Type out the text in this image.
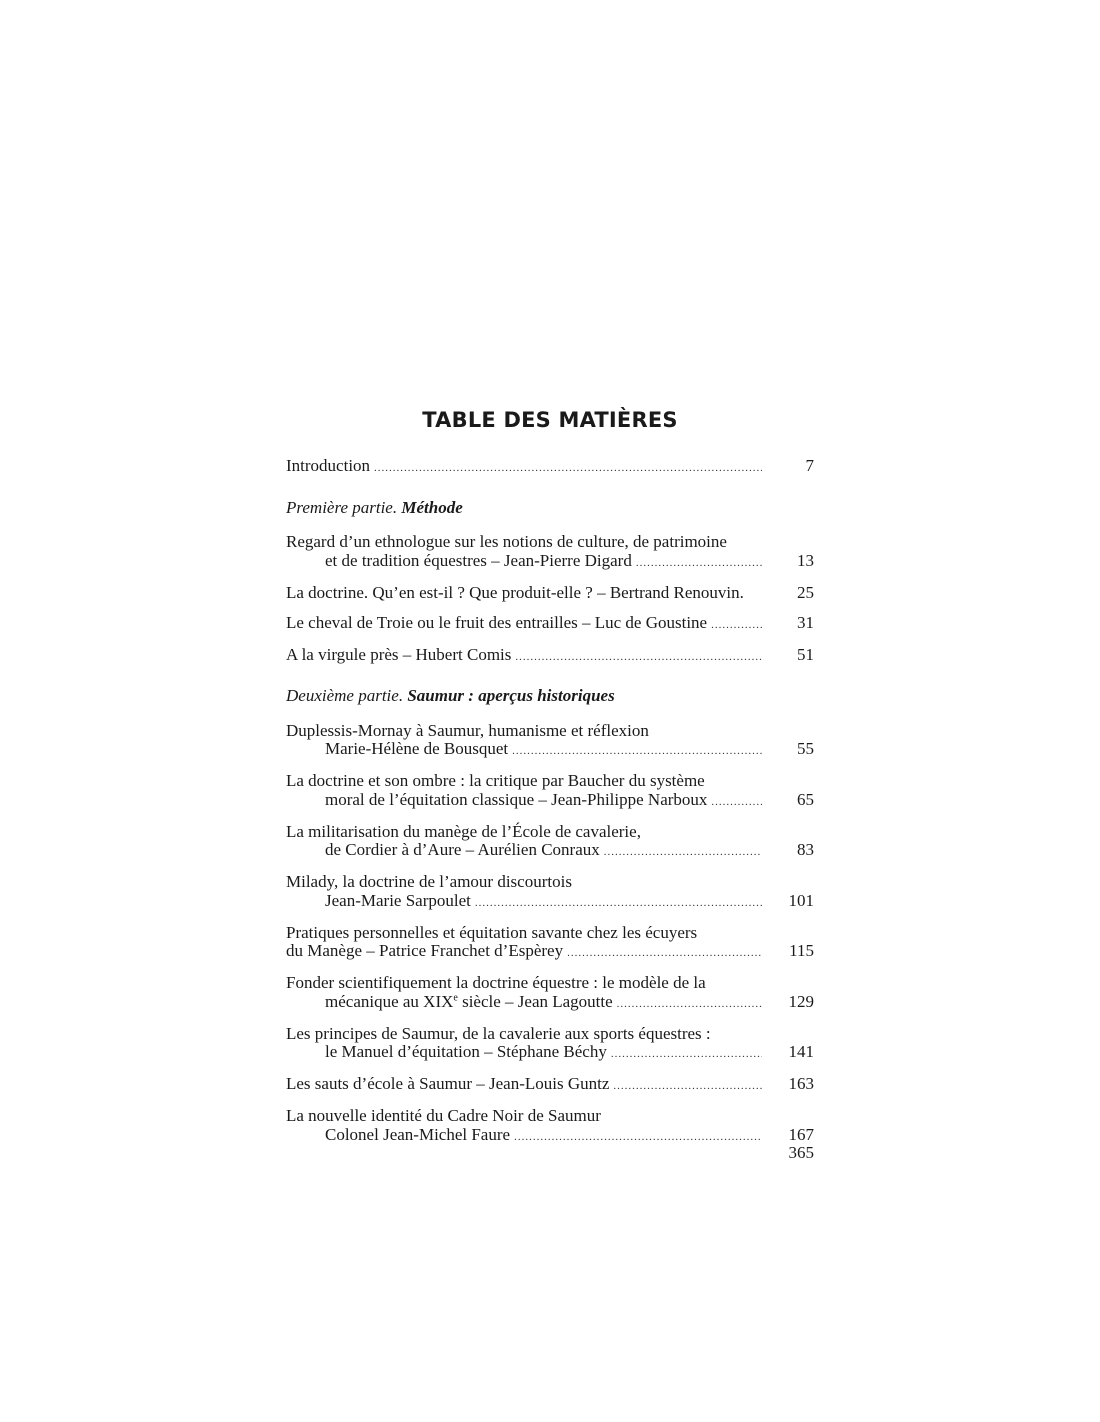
TABLE DES MATIÈRES
Introduction .....	7
Première partie. Méthode
Regard d’un ethnologue sur les notions de culture, de patrimoine
et de tradition équestres – Jean-Pierre Digard .....	13
La doctrine. Qu’en est-il ? Que produit-elle ? – Bertrand Renouvin.	25
Le cheval de Troie ou le fruit des entrailles – Luc de Goustine .....	31
A la virgule près – Hubert Comis .....	51
Deuxième partie. Saumur : aperçus historiques
Duplessis-Mornay à Saumur, humanisme et réflexion
Marie-Hélène de Bousquet .....	55
La doctrine et son ombre : la critique par Baucher du système
moral de l’équitation classique – Jean-Philippe Narboux .....	65
La militarisation du manège de l’École de cavalerie,
de Cordier à d’Aure – Aurélien Conraux .....	83
Milady, la doctrine de l’amour discourtois
Jean-Marie Sarpoulet .....	101
Pratiques personnelles et équitation savante chez les écuyers
du Manège – Patrice Franchet d’Espèrey .....	115
Fonder scientifiquement la doctrine équestre : le modèle de la
mécanique au XIXe siècle – Jean Lagoutte .....	129
Les principes de Saumur, de la cavalerie aux sports équestres :
le Manuel d’équitation – Stéphane Béchy .....	141
Les sauts d’école à Saumur – Jean-Louis Guntz .....	163
La nouvelle identité du Cadre Noir de Saumur
Colonel Jean-Michel Faure .....	167
365
